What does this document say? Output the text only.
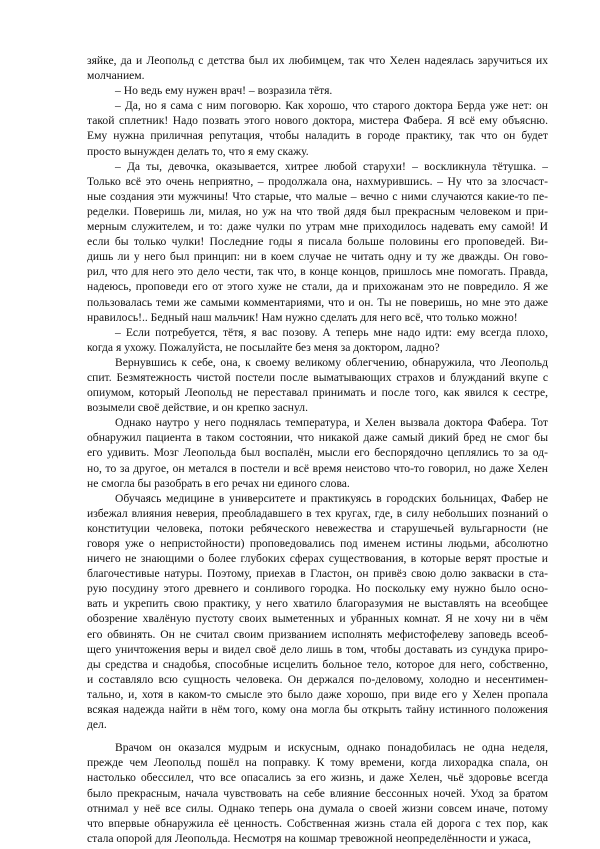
зяйке, да и Леопольд с детства был их любимцем, так что Хелен надеялась заручиться их
молчанием.
– Но ведь ему нужен врач! – возразила тётя.
– Да, но я сама с ним поговорю. Как хорошо, что старого доктора Берда уже нет: он
такой сплетник! Надо позвать этого нового доктора, мистера Фабера. Я всё ему объясню.
Ему нужна приличная репутация, чтобы наладить в городе практику, так что он будет
просто вынужден делать то, что я ему скажу.
– Да ты, девочка, оказывается, хитрее любой старухи! – воскликнула тётушка. –
Только всё это очень неприятно, – продолжала она, нахмурившись. – Ну что за злосчаст-
ные создания эти мужчины! Что старые, что малые – вечно с ними случаются какие-то пе-
ределки. Поверишь ли, милая, но уж на что твой дядя был прекрасным человеком и при-
мерным служителем, и то: даже чулки по утрам мне приходилось надевать ему самой! И
если бы только чулки! Последние годы я писала больше половины его проповедей. Ви-
дишь ли у него был принцип: ни в коем случае не читать одну и ту же дважды. Он гово-
рил, что для него это дело чести, так что, в конце концов, пришлось мне помогать. Правда,
надеюсь, проповеди его от этого хуже не стали, да и прихожанам это не повредило. Я же
пользовалась теми же самыми комментариями, что и он. Ты не поверишь, но мне это даже
нравилось!.. Бедный наш мальчик! Нам нужно сделать для него всё, что только можно!
– Если потребуется, тётя, я вас позову. А теперь мне надо идти: ему всегда плохо,
когда я ухожу. Пожалуйста, не посылайте без меня за доктором, ладно?
Вернувшись к себе, она, к своему великому облегчению, обнаружила, что Леопольд
спит. Безмятежность чистой постели после выматывающих страхов и блужданий вкупе с
опиумом, который Леопольд не переставал принимать и после того, как явился к сестре,
возымели своё действие, и он крепко заснул.
Однако наутро у него поднялась температура, и Хелен вызвала доктора Фабера. Тот
обнаружил пациента в таком состоянии, что никакой даже самый дикий бред не смог бы
его удивить. Мозг Леопольда был воспалён, мысли его беспорядочно цеплялись то за од-
но, то за другое, он метался в постели и всё время неистово что-то говорил, но даже Хелен
не смогла бы разобрать в его речах ни единого слова.
Обучаясь медицине в университете и практикуясь в городских больницах, Фабер не
избежал влияния неверия, преобладавшего в тех кругах, где, в силу небольших познаний о
конституции человека, потоки ребяческого невежества и старушечьей вульгарности (не
говоря уже о непристойности) проповедовались под именем истины людьми, абсолютно
ничего не знающими о более глубоких сферах существования, в которые верят простые и
благочестивые натуры. Поэтому, приехав в Гластон, он привёз свою долю закваски в ста-
рую посудину этого древнего и сонливого городка. Но поскольку ему нужно было осно-
вать и укрепить свою практику, у него хватило благоразумия не выставлять на всеобщее
обозрение хвалёную пустоту своих выметенных и убранных комнат. Я не хочу ни в чём
его обвинять. Он не считал своим призванием исполнять мефистофелеву заповедь всеоб-
щего уничтожения веры и видел своё дело лишь в том, чтобы доставать из сундука приро-
ды средства и снадобья, способные исцелить больное тело, которое для него, собственно,
и составляло всю сущность человека. Он держался по-деловому, холодно и несентимен-
тально, и, хотя в каком-то смысле это было даже хорошо, при виде его у Хелен пропала
всякая надежда найти в нём того, кому она могла бы открыть тайну истинного положения
дел.
Врачом он оказался мудрым и искусным, однако понадобилась не одна неделя,
прежде чем Леопольд пошёл на поправку. К тому времени, когда лихорадка спала, он
настолько обессилел, что все опасались за его жизнь, и даже Хелен, чьё здоровье всегда
было прекрасным, начала чувствовать на себе влияние бессонных ночей. Уход за братом
отнимал у неё все силы. Однако теперь она думала о своей жизни совсем иначе, потому
что впервые обнаружила её ценность. Собственная жизнь стала ей дорога с тех пор, как
стала опорой для Леопольда. Несмотря на кошмар тревожной неопределённости и ужаса,
